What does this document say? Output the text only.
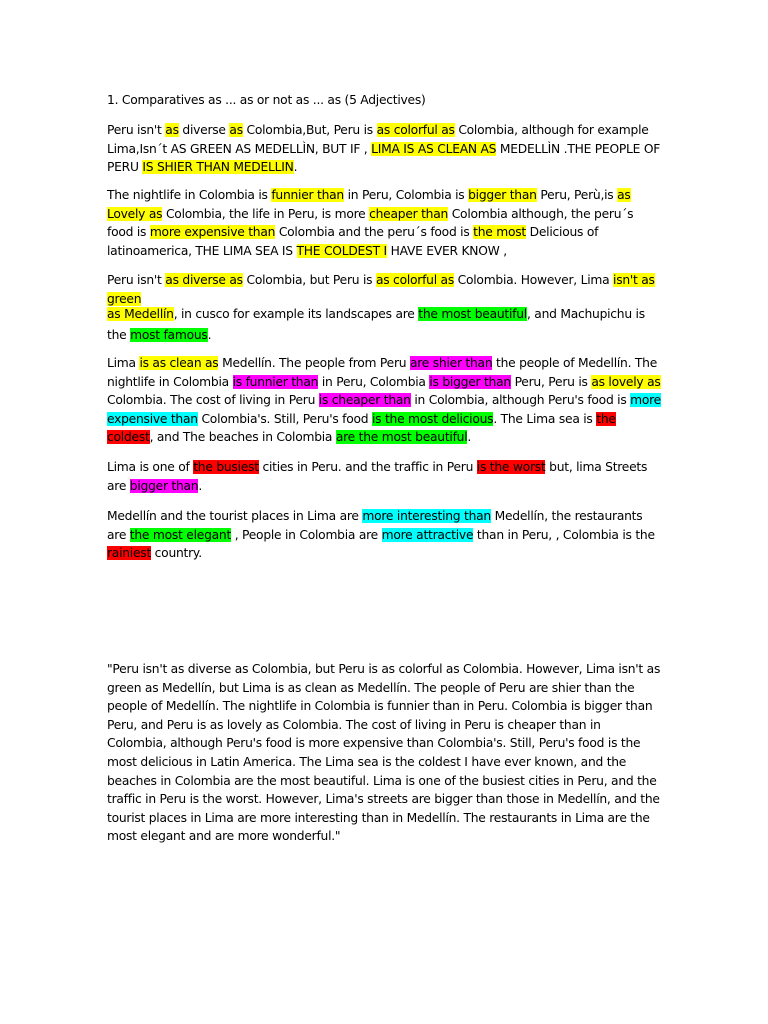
1. Comparatives as ... as or not as ... as (5 Adjectives)

Peru isn't as diverse as Colombia,But, Peru is as colorful as Colombia, although for example Lima,Isn´t AS GREEN AS MEDELLÌN, BUT IF , LIMA IS AS CLEAN AS MEDELLÌN .THE PEOPLE OF PERU IS SHIER THAN MEDELLIN.

The nightlife in Colombia is funnier than in Peru, Colombia is bigger than Peru, Perù,is as Lovely as Colombia, the life in Peru, is more cheaper than Colombia although, the peru´s food is more expensive than Colombia and the peru´s food is the most Delicious of latinoamerica, THE LIMA SEA IS THE COLDEST I HAVE EVER KNOW ,

Peru isn't as diverse as Colombia, but Peru is as colorful as Colombia. However, Lima isn't as green

as Medellín, in cusco for example its landscapes are the most beautiful, and Machupichu is the most famous.

Lima is as clean as Medellín. The people from Peru are shier than the people of Medellín. The nightlife in Colombia is funnier than in Peru, Colombia is bigger than Peru, Peru is as lovely as Colombia. The cost of living in Peru is cheaper than in Colombia, although Peru's food is more expensive than Colombia's. Still, Peru's food is the most delicious. The Lima sea is the coldest, and The beaches in Colombia are the most beautiful.

Lima is one of the busiest cities in Peru. and the traffic in Peru is the worst but, lima Streets are bigger than.

Medellín and the tourist places in Lima are more interesting than Medellín, the restaurants are the most elegant , People in Colombia are more attractive than in Peru, , Colombia is the rainiest country.

"Peru isn't as diverse as Colombia, but Peru is as colorful as Colombia. However, Lima isn't as green as Medellín, but Lima is as clean as Medellín. The people of Peru are shier than the people of Medellín. The nightlife in Colombia is funnier than in Peru. Colombia is bigger than Peru, and Peru is as lovely as Colombia. The cost of living in Peru is cheaper than in Colombia, although Peru's food is more expensive than Colombia's. Still, Peru's food is the most delicious in Latin America. The Lima sea is the coldest I have ever known, and the beaches in Colombia are the most beautiful. Lima is one of the busiest cities in Peru, and the traffic in Peru is the worst. However, Lima's streets are bigger than those in Medellín, and the tourist places in Lima are more interesting than in Medellín. The restaurants in Lima are the most elegant and are more wonderful."
